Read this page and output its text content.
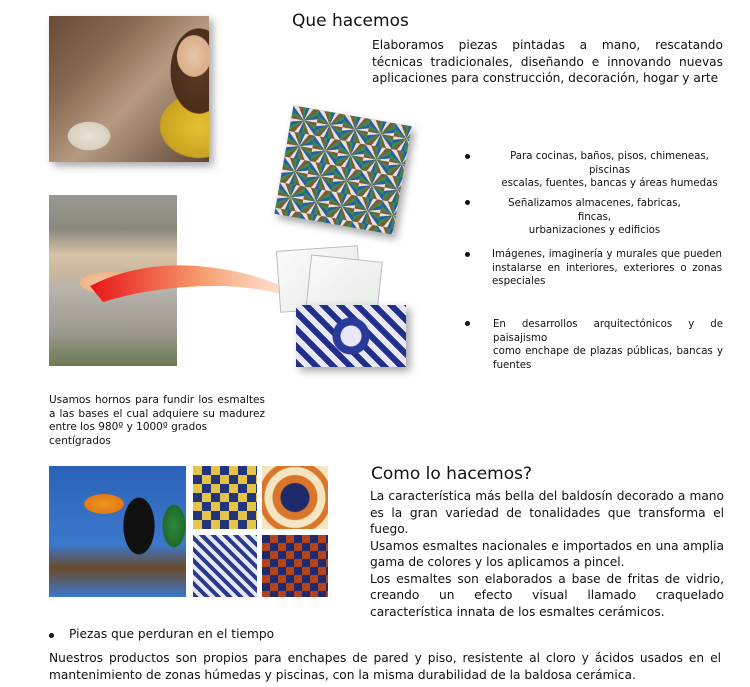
Que hacemos
Elaboramos piezas pintadas a mano, rescatando técnicas tradicionales, diseñando e innovando nuevas aplicaciones para construcción, decoración, hogar y arte
Para cocinas, baños, pisos, chimeneas, piscinas
escalas, fuentes, bancas y áreas humedas
Señalizamos almacenes, fabricas, fincas,
urbanizaciones y edificios
Imágenes, imaginería y murales que pueden
instalarse en interiores, exteriores o zonas
especiales
En desarrollos arquitectónicos y de paisajismo
como enchape de plazas públicas, bancas y
fuentes
Usamos hornos para fundir los esmaltes
a las bases el cual adquiere su madurez
entre los 980º y 1000º grados centígrados
Como lo hacemos?
La característica más bella del baldosín decorado a mano es la gran variedad de tonalidades que transforma el fuego.
Usamos esmaltes nacionales e importados en una amplia gama de colores y los aplicamos a pincel.
Los esmaltes son elaborados a base de fritas de vidrio, creando un efecto visual llamado craquelado característica innata de los esmaltes cerámicos.
Piezas que perduran en el tiempo
Nuestros productos son propios para enchapes de pared y piso, resistente al cloro y ácidos usados en el mantenimiento de zonas húmedas y piscinas, con la misma durabilidad de la baldosa cerámica.
